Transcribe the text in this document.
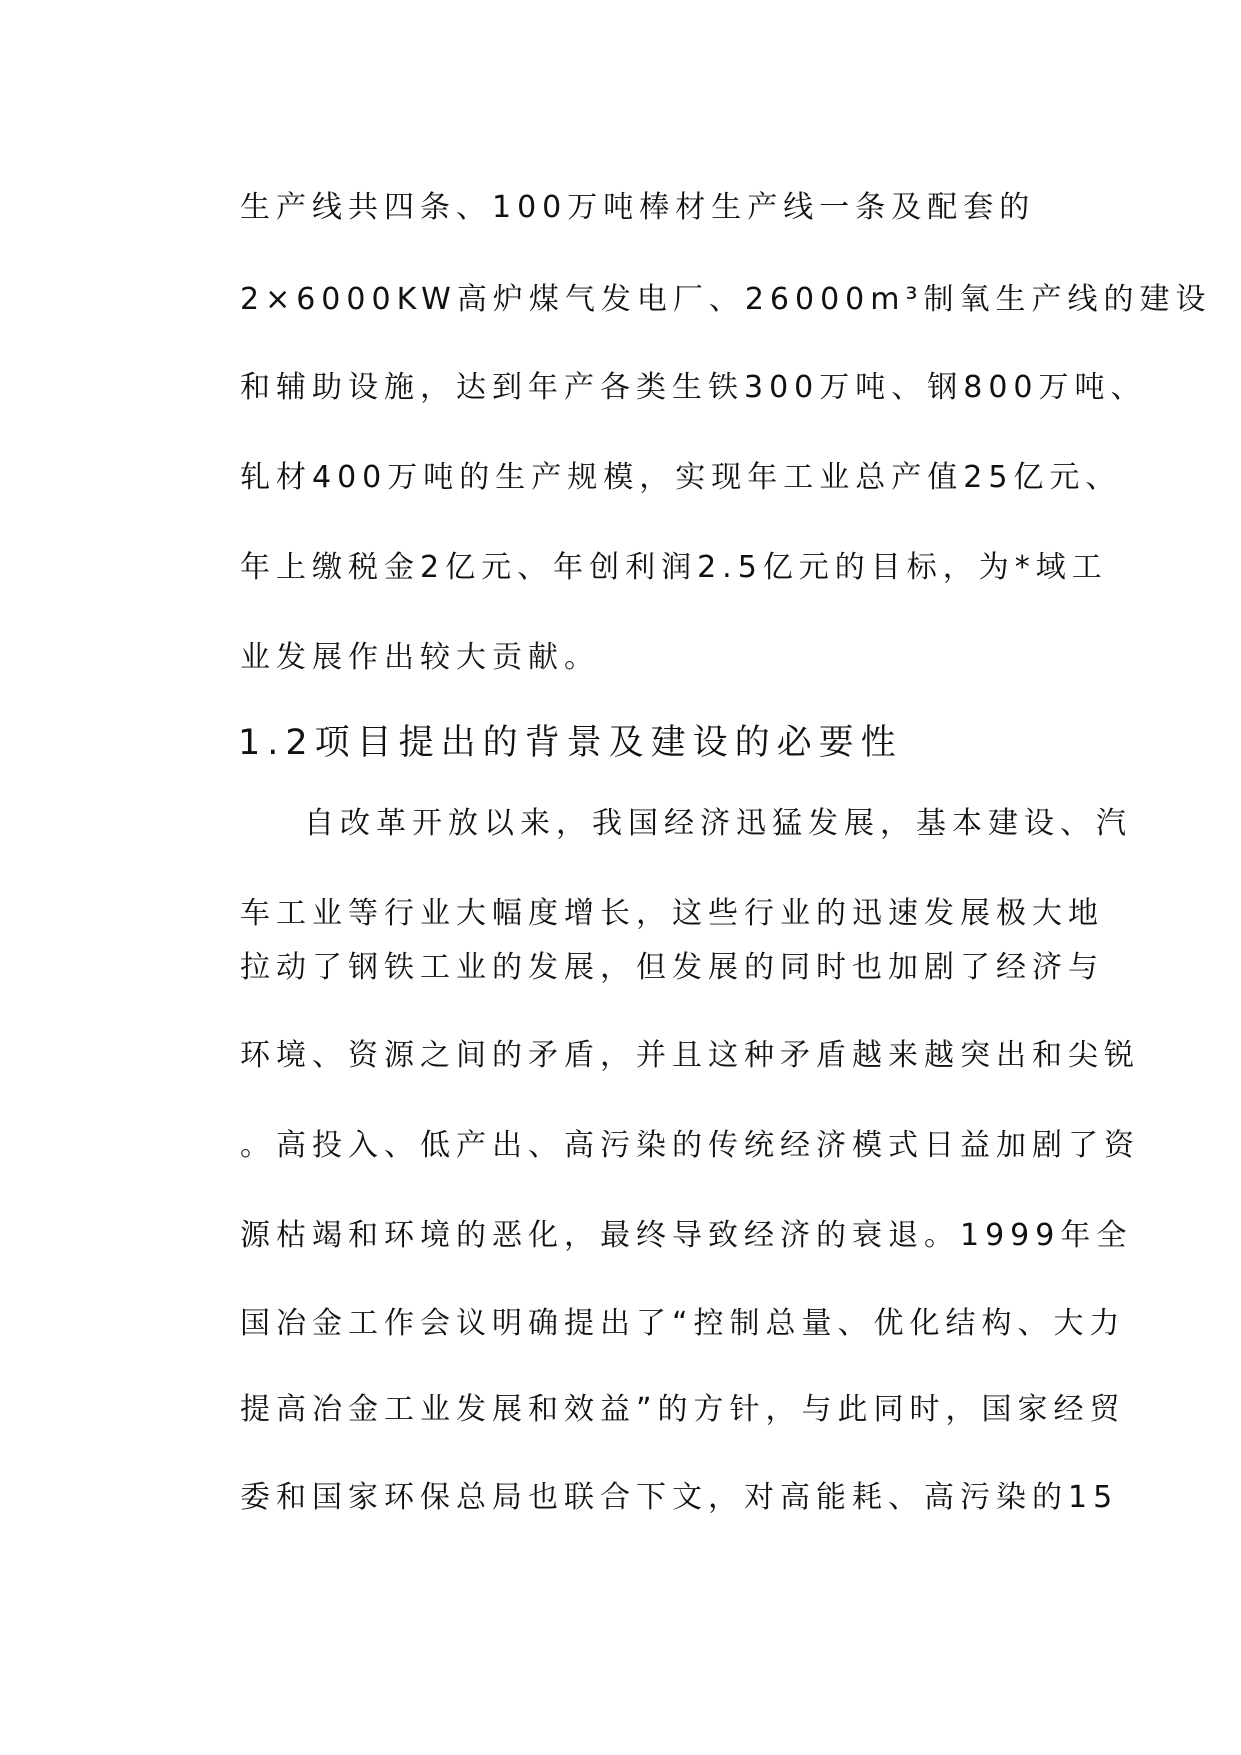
生产线共四条、100万吨棒材生产线一条及配套的
2×6000KW高炉煤气发电厂、26000m³制氧生产线的建设
和辅助设施，达到年产各类生铁300万吨、钢800万吨、
轧材400万吨的生产规模，实现年工业总产值25亿元、
年上缴税金2亿元、年创利润2.5亿元的目标，为*域工
业发展作出较大贡献。
1.2项目提出的背景及建设的必要性
自改革开放以来，我国经济迅猛发展，基本建设、汽
车工业等行业大幅度增长，这些行业的迅速发展极大地
拉动了钢铁工业的发展，但发展的同时也加剧了经济与
环境、资源之间的矛盾，并且这种矛盾越来越突出和尖锐
。高投入、低产出、高污染的传统经济模式日益加剧了资
源枯竭和环境的恶化，最终导致经济的衰退。1999年全
国冶金工作会议明确提出了“控制总量、优化结构、大力
提高冶金工业发展和效益”的方针，与此同时，国家经贸
委和国家环保总局也联合下文，对高能耗、高污染的15
